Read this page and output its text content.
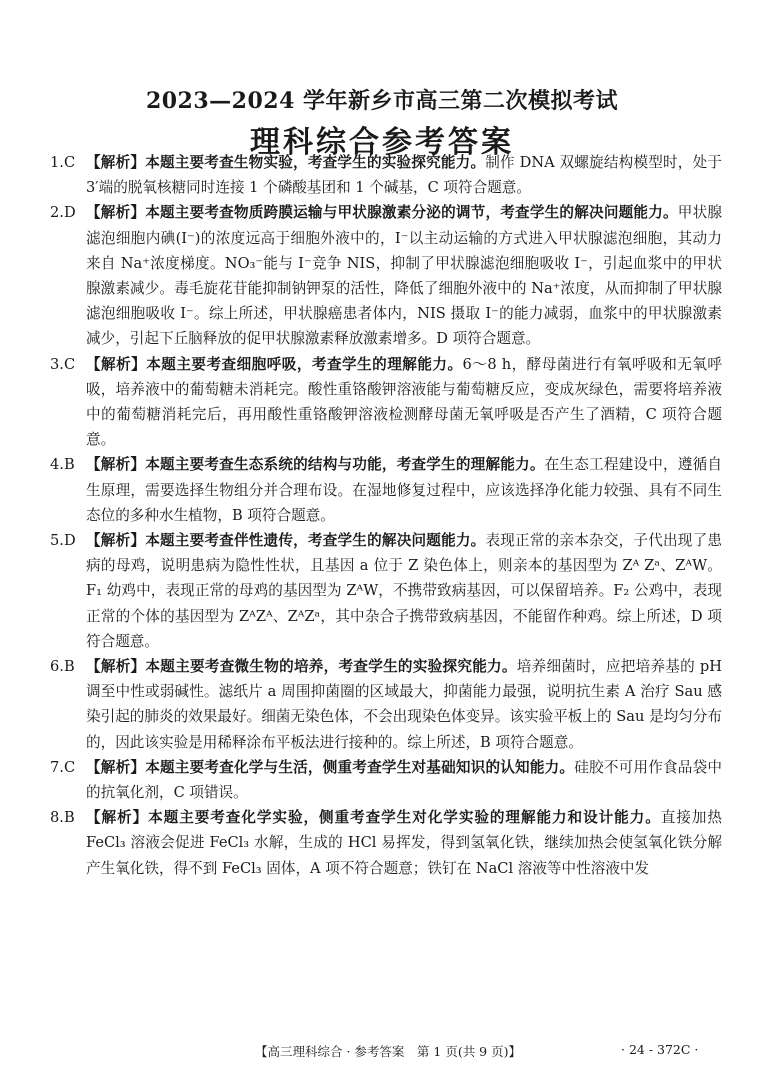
2023—2024 学年新乡市高三第二次模拟考试
理科综合参考答案
1.C 【解析】本题主要考查生物实验，考查学生的实验探究能力。制作 DNA 双螺旋结构模型时，处于 3′端的脱氧核糖同时连接 1 个磷酸基团和 1 个碱基，C 项符合题意。
2.D 【解析】本题主要考查物质跨膜运输与甲状腺激素分泌的调节，考查学生的解决问题能力。甲状腺滤泡细胞内碘(I⁻)的浓度远高于细胞外液中的，I⁻以主动运输的方式进入甲状腺滤泡细胞，其动力来自 Na⁺浓度梯度。NO₃⁻能与 I⁻竞争 NIS，抑制了甲状腺滤泡细胞吸收 I⁻，引起血浆中的甲状腺激素减少。毒毛旋花苷能抑制钠钾泵的活性，降低了细胞外液中的 Na⁺浓度，从而抑制了甲状腺滤泡细胞吸收 I⁻。综上所述，甲状腺癌患者体内，NIS 摄取 I⁻的能力减弱，血浆中的甲状腺激素减少，引起下丘脑释放的促甲状腺激素释放激素增多。D 项符合题意。
3.C 【解析】本题主要考查细胞呼吸，考查学生的理解能力。6～8 h，酵母菌进行有氧呼吸和无氧呼吸，培养液中的葡萄糖未消耗完。酸性重铬酸钾溶液能与葡萄糖反应，变成灰绿色，需要将培养液中的葡萄糖消耗完后，再用酸性重铬酸钾溶液检测酵母菌无氧呼吸是否产生了酒精，C 项符合题意。
4.B 【解析】本题主要考查生态系统的结构与功能，考查学生的理解能力。在生态工程建设中，遵循自生原理，需要选择生物组分并合理布设。在湿地修复过程中，应该选择净化能力较强、具有不同生态位的多种水生植物，B 项符合题意。
5.D 【解析】本题主要考查伴性遗传，考查学生的解决问题能力。表现正常的亲本杂交，子代出现了患病的母鸡，说明患病为隐性性状，且基因 a 位于 Z 染色体上，则亲本的基因型为 Zᴬ Zᵃ、ZᴬW。F₁ 幼鸡中，表现正常的母鸡的基因型为 ZᴬW，不携带致病基因，可以保留培养。F₂ 公鸡中，表现正常的个体的基因型为 ZᴬZᴬ、ZᴬZᵃ，其中杂合子携带致病基因，不能留作种鸡。综上所述，D 项符合题意。
6.B 【解析】本题主要考查微生物的培养，考查学生的实验探究能力。培养细菌时，应把培养基的 pH 调至中性或弱碱性。滤纸片 a 周围抑菌圈的区域最大，抑菌能力最强，说明抗生素 A 治疗 Sau 感染引起的肺炎的效果最好。细菌无染色体，不会出现染色体变异。该实验平板上的 Sau 是均匀分布的，因此该实验是用稀释涂布平板法进行接种的。综上所述，B 项符合题意。
7.C 【解析】本题主要考查化学与生活，侧重考查学生对基础知识的认知能力。硅胶不可用作食品袋中的抗氧化剂，C 项错误。
8.B 【解析】本题主要考查化学实验，侧重考查学生对化学实验的理解能力和设计能力。直接加热 FeCl₃ 溶液会促进 FeCl₃ 水解，生成的 HCl 易挥发，得到氢氧化铁，继续加热会使氢氧化铁分解产生氧化铁，得不到 FeCl₃ 固体，A 项不符合题意；铁钉在 NaCl 溶液等中性溶液中发
【高三理科综合 · 参考答案　第 1 页(共 9 页)】	· 24 - 372C ·
